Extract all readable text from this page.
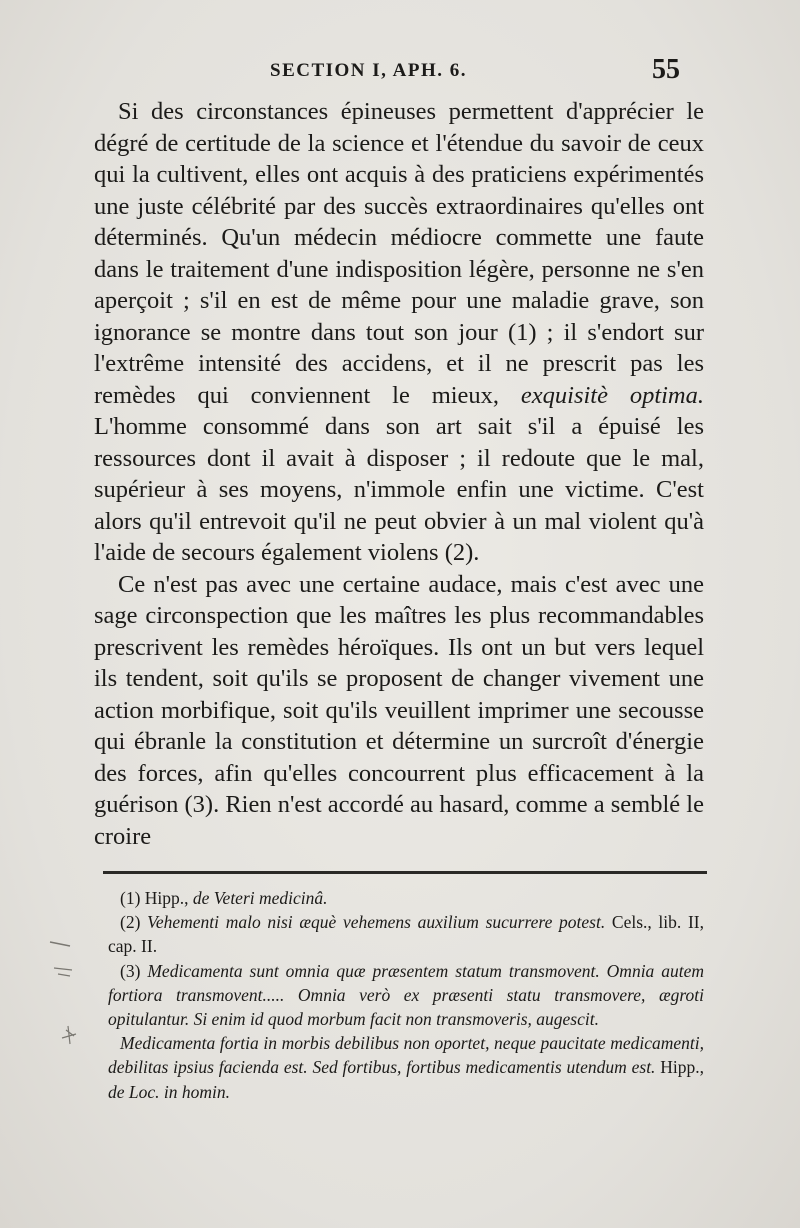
SECTION I, APH. 6.	55

Si des circonstances épineuses permettent d'apprécier le dégré de certitude de la science et l'étendue du savoir de ceux qui la cultivent, elles ont acquis à des praticiens expérimentés une juste célébrité par des succès extraordinaires qu'elles ont déterminés. Qu'un médecin médiocre commette une faute dans le traitement d'une indisposition légère, personne ne s'en aperçoit ; s'il en est de même pour une maladie grave, son ignorance se montre dans tout son jour (1) ; il s'endort sur l'extrême intensité des accidens, et il ne prescrit pas les remèdes qui conviennent le mieux, exquisitè optima. L'homme consommé dans son art sait s'il a épuisé les ressources dont il avait à disposer ; il redoute que le mal, supérieur à ses moyens, n'immole enfin une victime. C'est alors qu'il entrevoit qu'il ne peut obvier à un mal violent qu'à l'aide de secours également violens (2).

Ce n'est pas avec une certaine audace, mais c'est avec une sage circonspection que les maîtres les plus recommandables prescrivent les remèdes héroïques. Ils ont un but vers lequel ils tendent, soit qu'ils se proposent de changer vivement une action morbifique, soit qu'ils veuillent imprimer une secousse qui ébranle la constitution et détermine un surcroît d'énergie des forces, afin qu'elles concourrent plus efficacement à la guérison (3). Rien n'est accordé au hasard, comme a semblé le croire

(1) Hipp., de Veteri medicinâ.

(2) Vehementi malo nisi æquè vehemens auxilium sucurrere potest. Cels., lib. II, cap. II.

(3) Medicamenta sunt omnia quæ præsentem statum transmovent. Omnia autem fortiora transmovent..... Omnia verò ex præsenti statu transmovere, ægroti opitulantur. Si enim id quod morbum facit non transmoveris, augescit.

Medicamenta fortia in morbis debilibus non oportet, neque paucitate medicamenti, debilitas ipsius facienda est. Sed fortibus, fortibus medicamentis utendum est. Hipp., de Loc. in homin.
